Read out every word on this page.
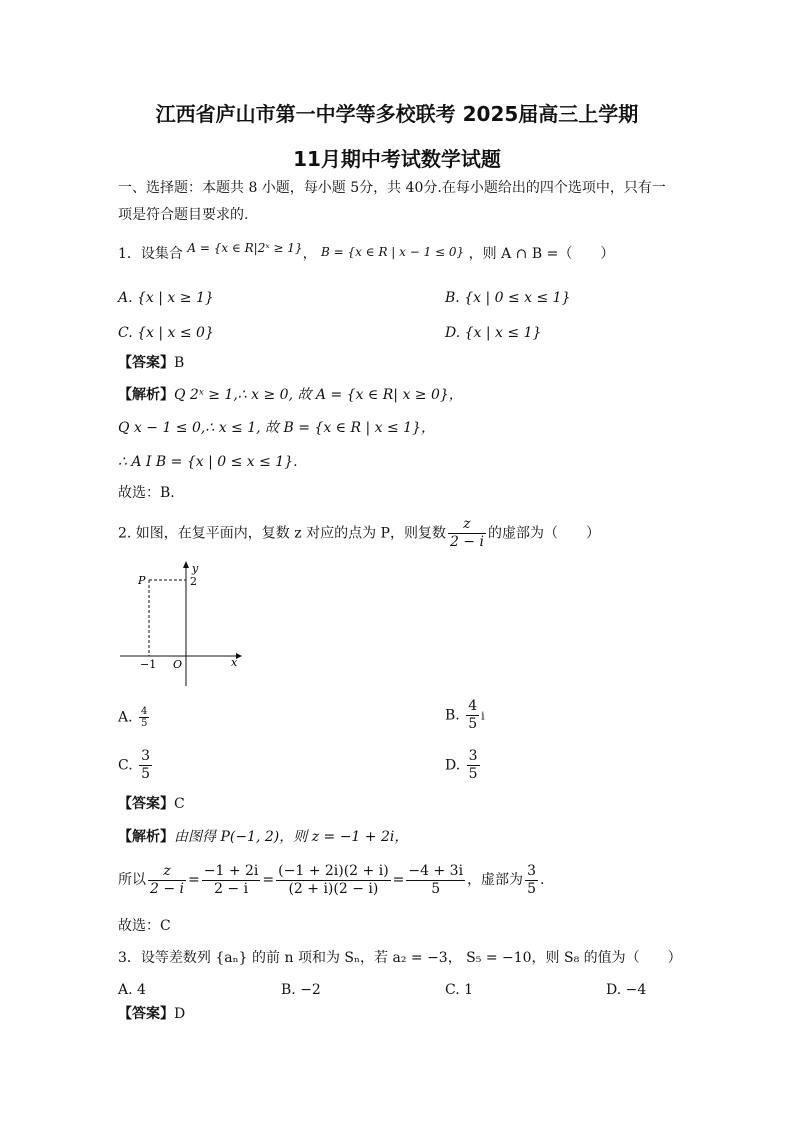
江西省庐山市第一中学等多校联考 2025届高三上学期
11月期中考试数学试题
一、选择题：本题共 8 小题，每小题 5分，共 40分.在每小题给出的四个选项中，只有一
项是符合题目要求的.
1．设集合 A = {x ∈ R|2ˣ ≥ 1}， B = {x ∈ R | x − 1 ≤ 0} ，则 A ∩ B =（　　）
A. {x | x ≥ 1}	B. {x | 0 ≤ x ≤ 1}
C. {x | x ≤ 0}	D. {x | x ≤ 1}
【答案】B
【解析】Q 2ˣ ≥ 1,∴ x ≥ 0, 故 A = {x ∈ R| x ≥ 0}，
Q x − 1 ≤ 0,∴ x ≤ 1, 故 B = {x ∈ R | x ≤ 1}，
∴ A I B = {x | 0 ≤ x ≤ 1}.
故选：B.
2. 如图，在复平面内，复数 z 对应的点为 P，则复数 $\frac{z}{2 - i}$ 的虚部为（　　）
y
x
P	2
−1 O
A. $\frac{4}{5}$	B. $\frac{4}{5}$ i
C. $\frac{3}{5}$	D. $\frac{3}{5}$
【答案】C
【解析】由图得 P(−1, 2)，则 z = −1 + 2i，
所以 $\frac{z}{2 - i} = \frac{-1 + 2i}{2 - i} = \frac{(-1 + 2i)(2 + i)}{(2 + i)(2 - i)} = \frac{-4 + 3i}{5}$ ，虚部为 $\frac{3}{5}$ .
故选：C
3．设等差数列 {aₙ} 的前 n 项和为 Sₙ，若 a₂ = −3， S₅ = −10，则 S₈ 的值为（　　）
A. 4	B. −2	C. 1	D. −4
【答案】D
